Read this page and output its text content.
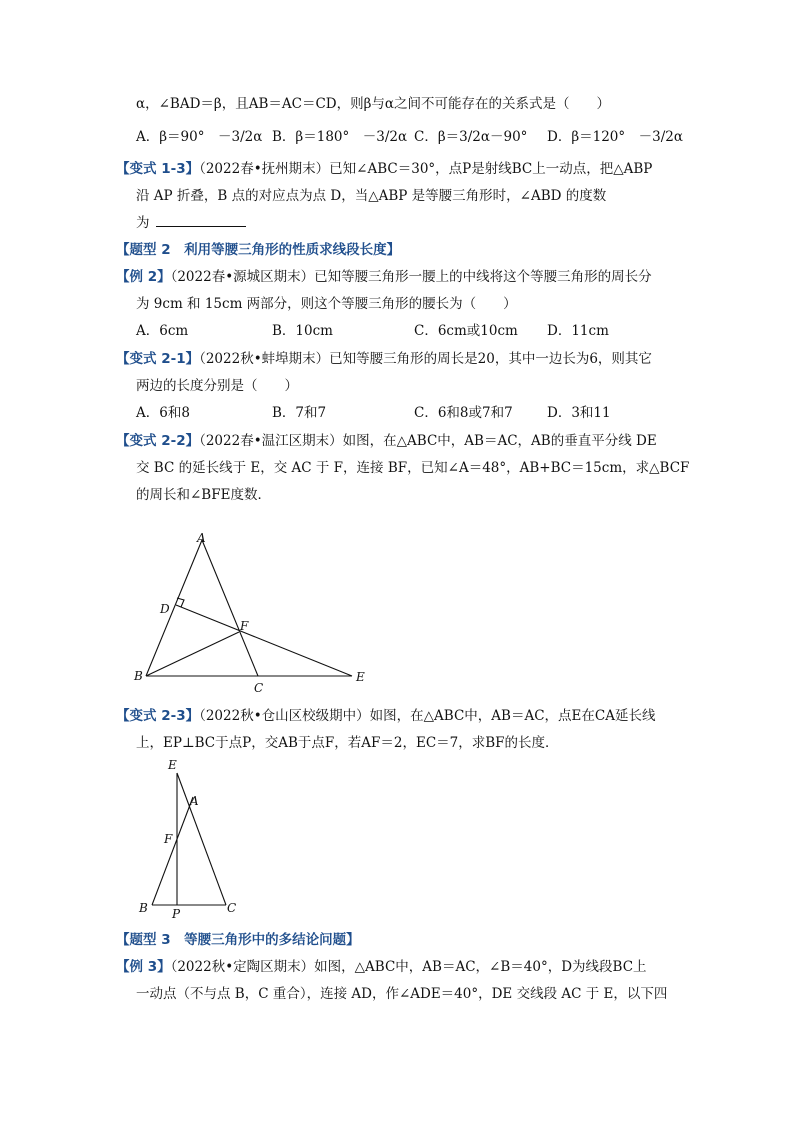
α，∠BAD＝β，且AB＝AC＝CD，则β与α之间不可能存在的关系式是（　　）
A．β＝90°　－3/2α B．β＝180°　－3/2α C．β＝3/2α－90° D．β＝120°　－3/2α
【变式 1-3】（2022春•抚州期末）已知∠ABC＝30°，点P是射线BC上一动点，把△ABP
沿 AP 折叠，B 点的对应点为点 D，当△ABP 是等腰三角形时，∠ABD 的度数
为
【题型 2　利用等腰三角形的性质求线段长度】
【例 2】（2022春•源城区期末）已知等腰三角形一腰上的中线将这个等腰三角形的周长分
为 9cm 和 15cm 两部分，则这个等腰三角形的腰长为（　　）
A．6cm	B．10cm	C．6cm或10cm D．11cm
【变式 2-1】（2022秋•蚌埠期末）已知等腰三角形的周长是20，其中一边长为6，则其它
两边的长度分别是（　　）
A．6和8	B．7和7	C．6和8或7和7	D．3和11
【变式 2-2】（2022春•温江区期末）如图，在△ABC中，AB＝AC，AB的垂直平分线 DE
交 BC 的延长线于 E，交 AC 于 F，连接 BF，已知∠A＝48°，AB+BC＝15cm，求△BCF
的周长和∠BFE度数．
A
B
C
D
E
F
【变式 2-3】（2022秋•仓山区校级期中）如图，在△ABC中，AB＝AC，点E在CA延长线
上，EP⊥BC于点P，交AB于点F，若AF＝2，EC＝7，求BF的长度．
E
A
F
B P	C
【题型 3　等腰三角形中的多结论问题】
【例 3】（2022秋•定陶区期末）如图，△ABC中，AB＝AC，∠B＝40°，D为线段BC上
一动点（不与点 B，C 重合），连接 AD，作∠ADE＝40°，DE 交线段 AC 于 E，以下四
